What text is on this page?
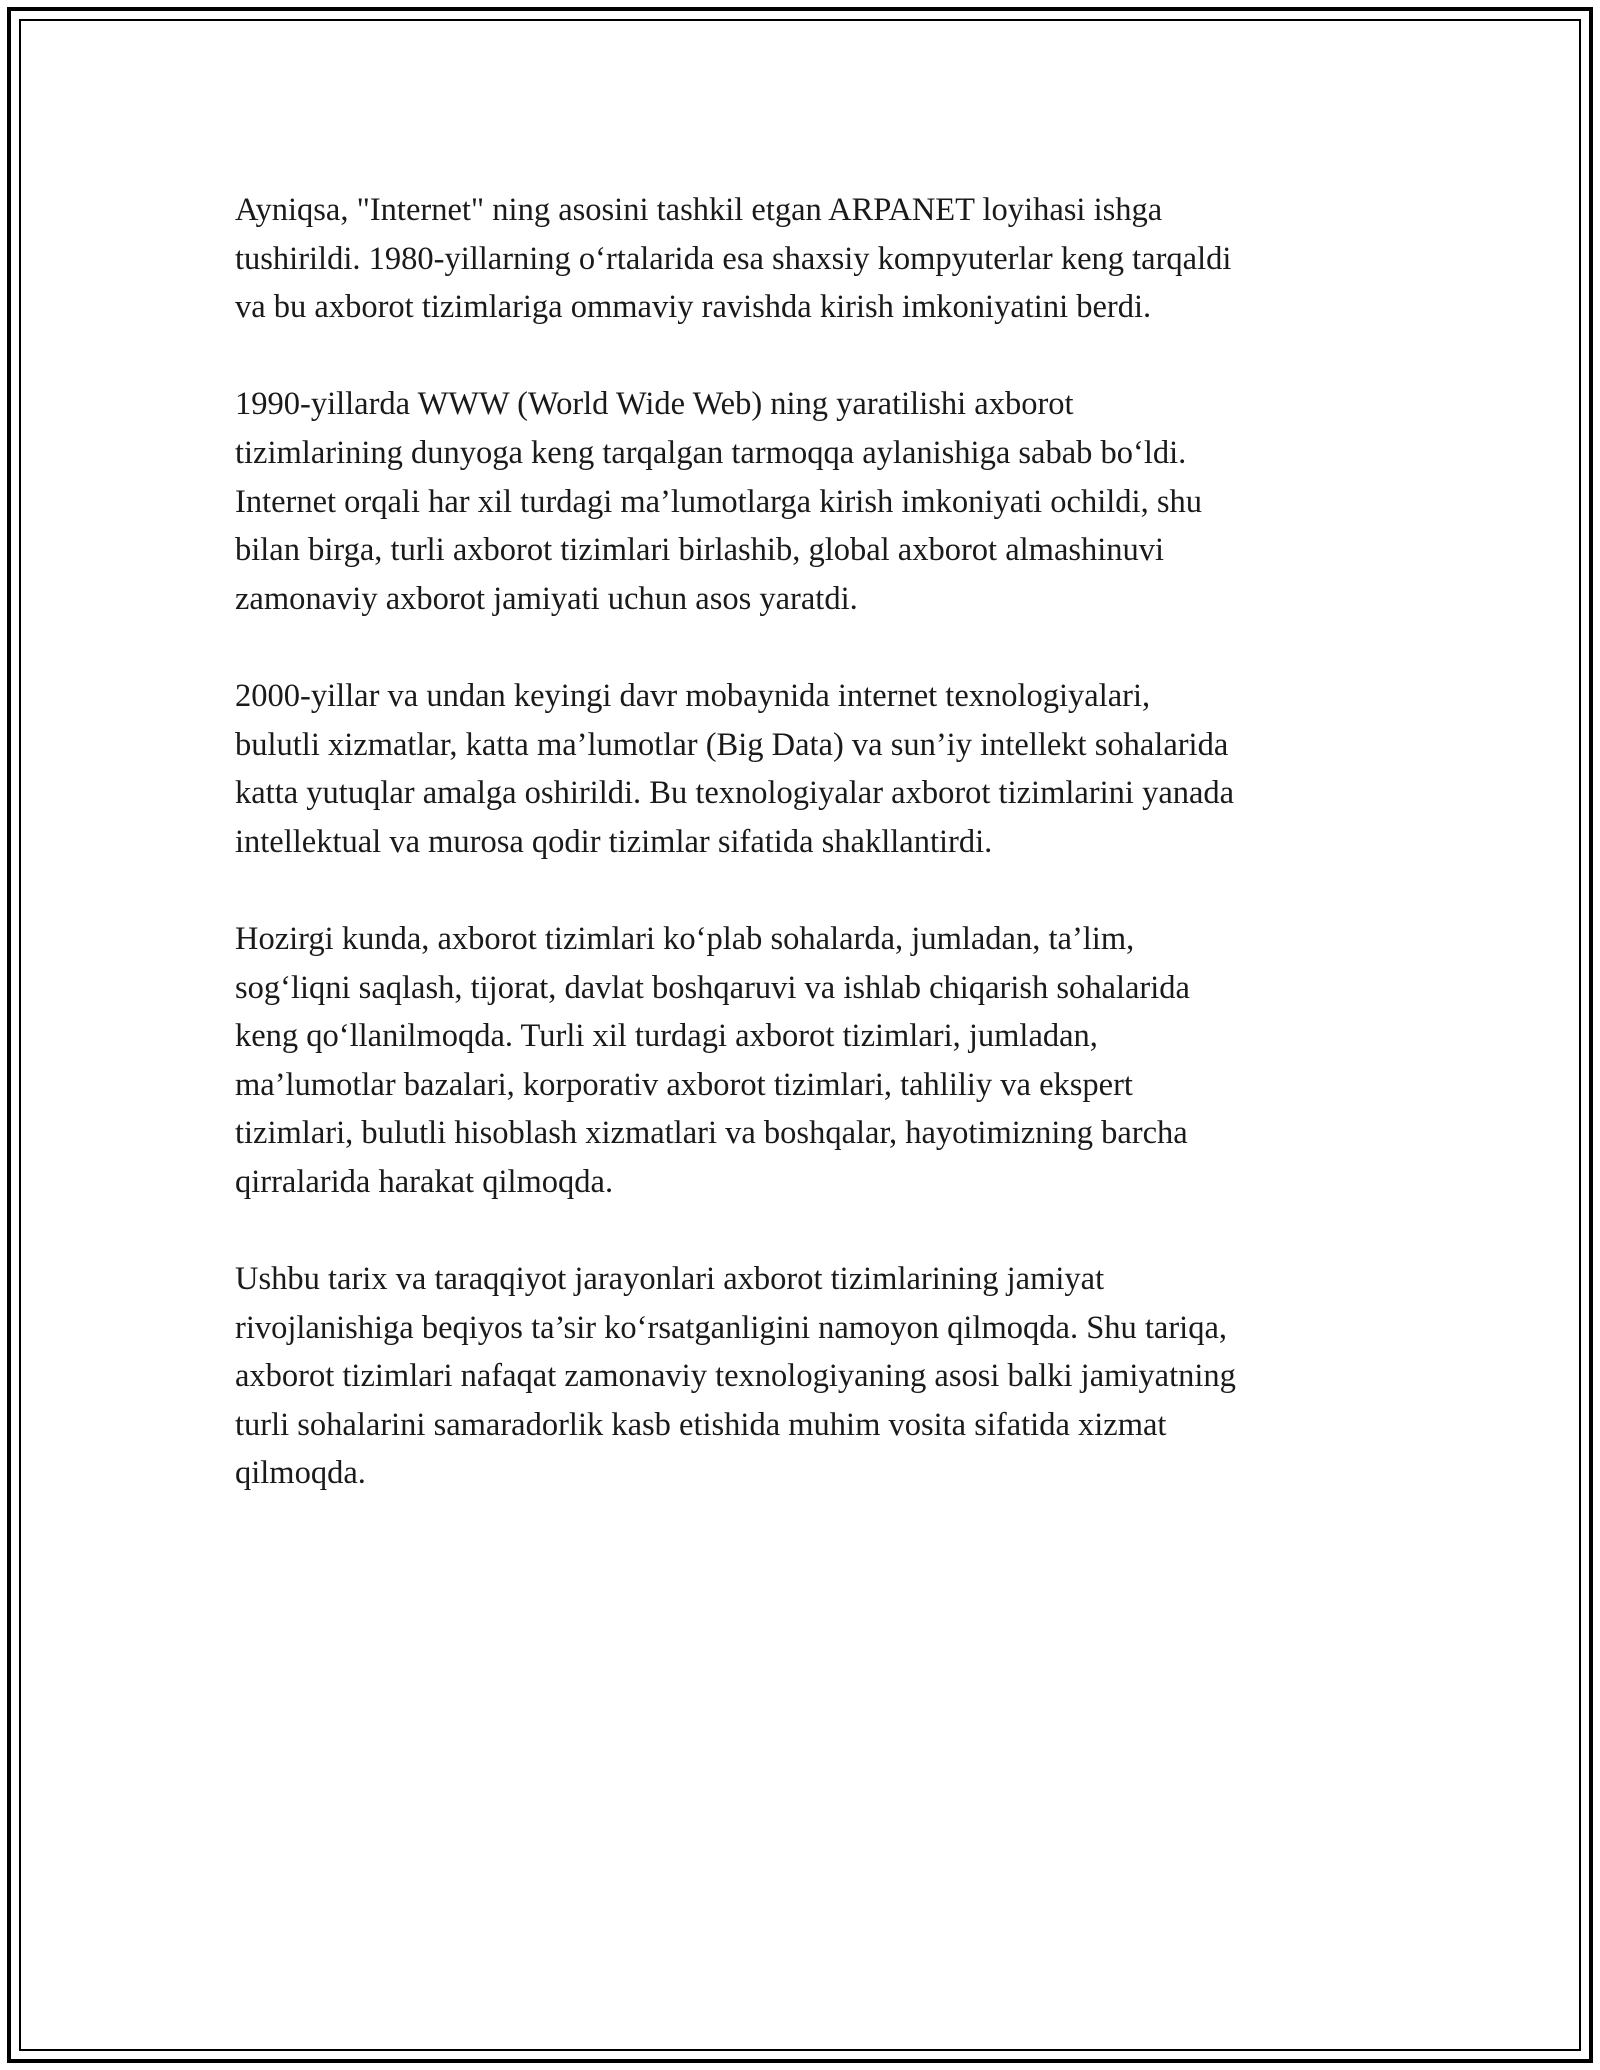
Ayniqsa, "Internet" ning asosini tashkil etgan ARPANET loyihasi ishga
tushirildi. 1980-yillarning o‘rtalarida esa shaxsiy kompyuterlar keng tarqaldi
va bu axborot tizimlariga ommaviy ravishda kirish imkoniyatini berdi.

1990-yillarda WWW (World Wide Web) ning yaratilishi axborot
tizimlarining dunyoga keng tarqalgan tarmoqqa aylanishiga sabab bo‘ldi.
Internet orqali har xil turdagi ma’lumotlarga kirish imkoniyati ochildi, shu
bilan birga, turli axborot tizimlari birlashib, global axborot almashinuvi
zamonaviy axborot jamiyati uchun asos yaratdi.

2000-yillar va undan keyingi davr mobaynida internet texnologiyalari,
bulutli xizmatlar, katta ma’lumotlar (Big Data) va sun’iy intellekt sohalarida
katta yutuqlar amalga oshirildi. Bu texnologiyalar axborot tizimlarini yanada
intellektual va murosa qodir tizimlar sifatida shakllantirdi.

Hozirgi kunda, axborot tizimlari ko‘plab sohalarda, jumladan, ta’lim,
sog‘liqni saqlash, tijorat, davlat boshqaruvi va ishlab chiqarish sohalarida
keng qo‘llanilmoqda. Turli xil turdagi axborot tizimlari, jumladan,
ma’lumotlar bazalari, korporativ axborot tizimlari, tahliliy va ekspert
tizimlari, bulutli hisoblash xizmatlari va boshqalar, hayotimizning barcha
qirralarida harakat qilmoqda.

Ushbu tarix va taraqqiyot jarayonlari axborot tizimlarining jamiyat
rivojlanishiga beqiyos ta’sir ko‘rsatganligini namoyon qilmoqda. Shu tariqa,
axborot tizimlari nafaqat zamonaviy texnologiyaning asosi balki jamiyatning
turli sohalarini samaradorlik kasb etishida muhim vosita sifatida xizmat
qilmoqda.
